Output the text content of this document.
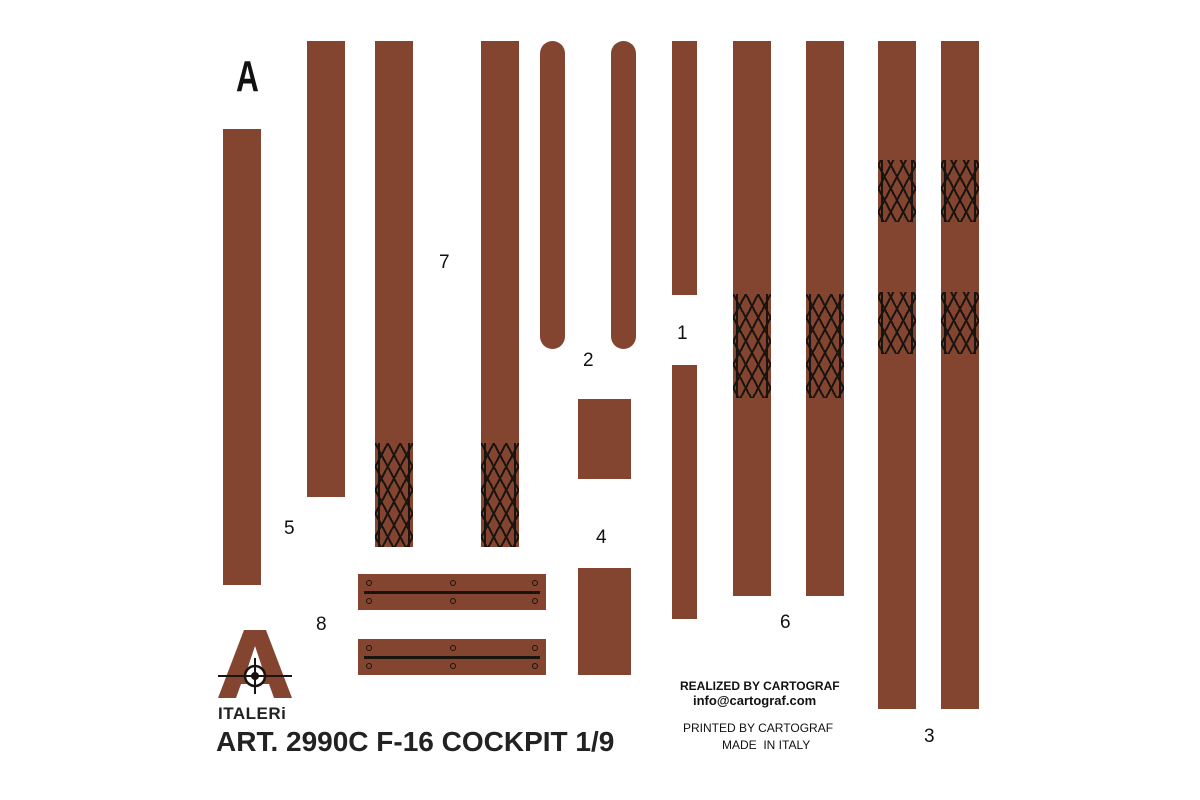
A
5
7
2
4
1
6
3
8
ITALERi
ART. 2990C F-16 COCKPIT 1/9
REALIZED BY CARTOGRAF
info@cartograf.com
PRINTED BY CARTOGRAF
MADE  IN ITALY
